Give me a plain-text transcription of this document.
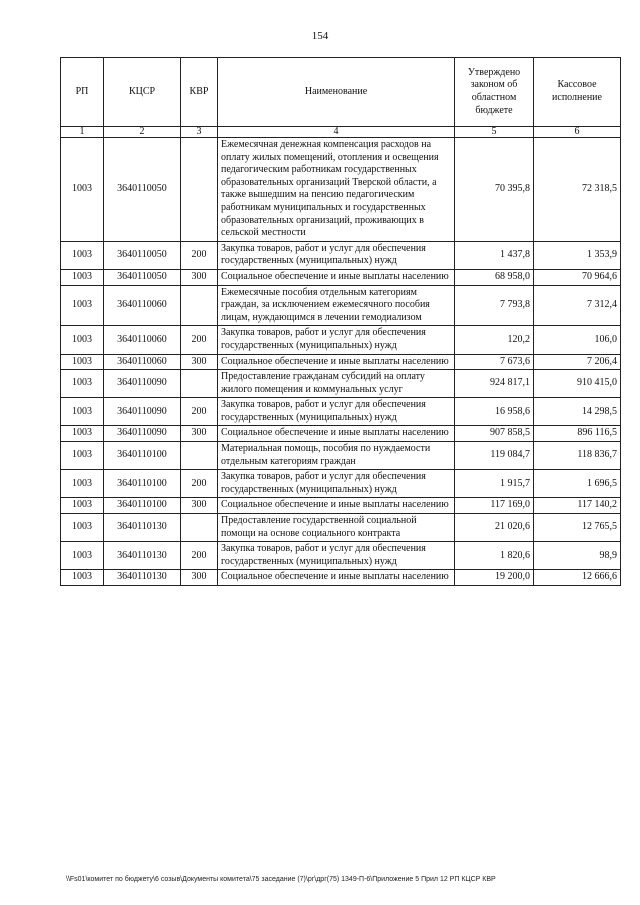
154
РП	КЦСР	КВР	Наименование	Утверждено законом об областном бюджете	Кассовое исполнение
1	2	3	4	5	6
1003	3640110050		Ежемесячная денежная компенсация расходов на оплату жилых помещений, отопления и освещения педагогическим работникам государственных образовательных организаций Тверской области, а также вышедшим на пенсию педагогическим работникам муниципальных и государственных образовательных организаций, проживающих в сельской местности	70 395,8	72 318,5
1003	3640110050	200	Закупка товаров, работ и услуг для обеспечения государственных (муниципальных) нужд	1 437,8	1 353,9
1003	3640110050	300	Социальное обеспечение и иные выплаты населению	68 958,0	70 964,6
1003	3640110060		Ежемесячные пособия отдельным категориям граждан, за исключением ежемесячного пособия лицам, нуждающимся в лечении гемодиализом	7 793,8	7 312,4
1003	3640110060	200	Закупка товаров, работ и услуг для обеспечения государственных (муниципальных) нужд	120,2	106,0
1003	3640110060	300	Социальное обеспечение и иные выплаты населению	7 673,6	7 206,4
1003	3640110090		Предоставление гражданам субсидий на оплату жилого помещения и коммунальных услуг	924 817,1	910 415,0
1003	3640110090	200	Закупка товаров, работ и услуг для обеспечения государственных (муниципальных) нужд	16 958,6	14 298,5
1003	3640110090	300	Социальное обеспечение и иные выплаты населению	907 858,5	896 116,5
1003	3640110100		Материальная помощь, пособия по нуждаемости отдельным категориям граждан	119 084,7	118 836,7
1003	3640110100	200	Закупка товаров, работ и услуг для обеспечения государственных (муниципальных) нужд	1 915,7	1 696,5
1003	3640110100	300	Социальное обеспечение и иные выплаты населению	117 169,0	117 140,2
1003	3640110130		Предоставление государственной социальной помощи на основе социального контракта	21 020,6	12 765,5
1003	3640110130	200	Закупка товаров, работ и услуг для обеспечения государственных (муниципальных) нужд	1 820,6	98,9
1003	3640110130	300	Социальное обеспечение и иные выплаты населению	19 200,0	12 666,6
\\Fs01\комитет по бюджету\6 созыв\Документы комитета\75 заседание (7)\рг\дрг(75) 1349-П-6\Приложение 5 Прил 12 РП КЦСР КВР
